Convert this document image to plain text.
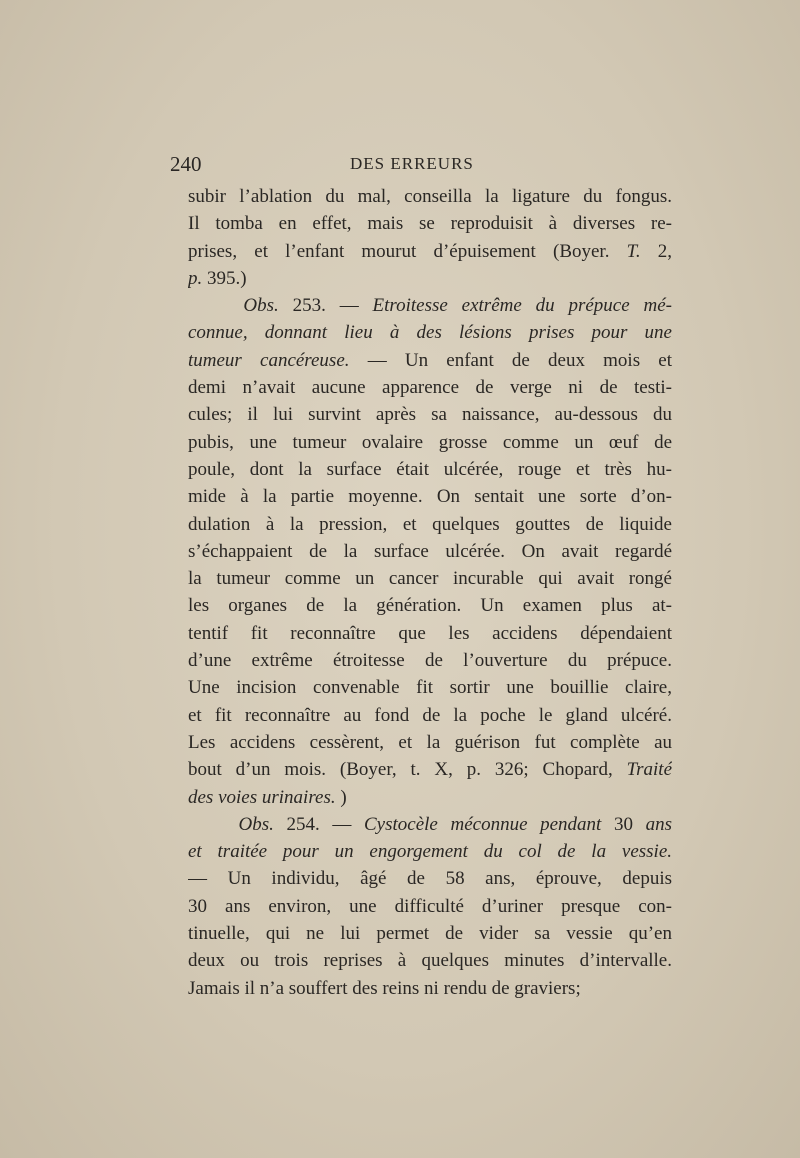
240	DES ERREURS
subir l’ablation du mal, conseilla la ligature du fongus.
Il tomba en effet, mais se reproduisit à diverses re-
prises, et l’enfant mourut d’épuisement (Boyer. T. 2,
p. 395.)
Obs. 253. — Etroitesse extrême du prépuce mé-
connue, donnant lieu à des lésions prises pour une
tumeur cancéreuse. — Un enfant de deux mois et
demi n’avait aucune apparence de verge ni de testi-
cules; il lui survint après sa naissance, au-dessous du
pubis, une tumeur ovalaire grosse comme un œuf de
poule, dont la surface était ulcérée, rouge et très hu-
mide à la partie moyenne. On sentait une sorte d’on-
dulation à la pression, et quelques gouttes de liquide
s’échappaient de la surface ulcérée. On avait regardé
la tumeur comme un cancer incurable qui avait rongé
les organes de la génération. Un examen plus at-
tentif fit reconnaître que les accidens dépendaient
d’une extrême étroitesse de l’ouverture du prépuce.
Une incision convenable fit sortir une bouillie claire,
et fit reconnaître au fond de la poche le gland ulcéré.
Les accidens cessèrent, et la guérison fut complète au
bout d’un mois. (Boyer, t. X, p. 326; Chopard, Traité
des voies urinaires. )
Obs. 254. — Cystocèle méconnue pendant 30 ans
et traitée pour un engorgement du col de la vessie.
— Un individu, âgé de 58 ans, éprouve, depuis
30 ans environ, une difficulté d’uriner presque con-
tinuelle, qui ne lui permet de vider sa vessie qu’en
deux ou trois reprises à quelques minutes d’intervalle.
Jamais il n’a souffert des reins ni rendu de graviers;
